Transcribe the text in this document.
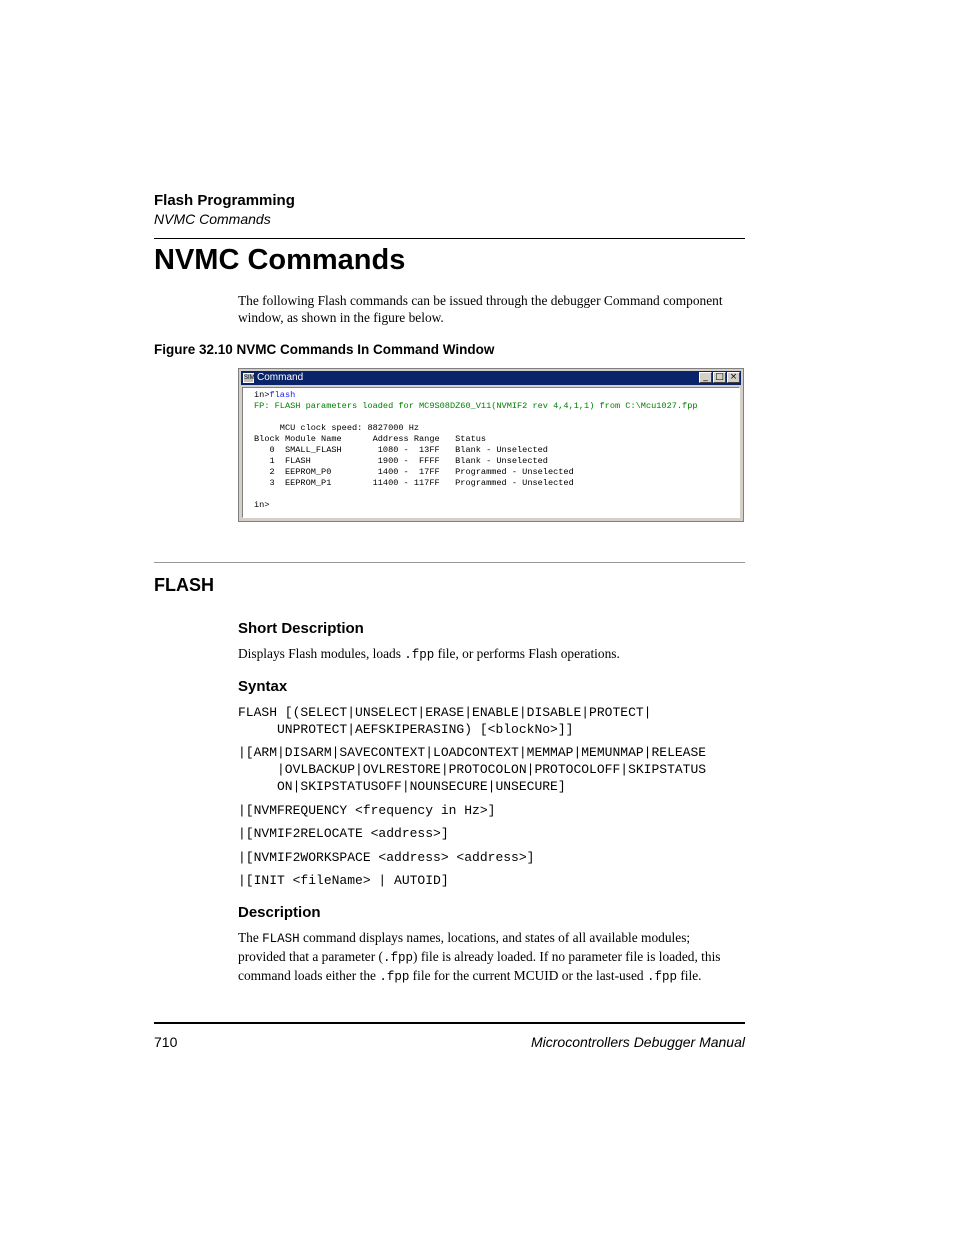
Flash Programming
NVMC Commands
NVMC Commands
The following Flash commands can be issued through the debugger Command component window, as shown in the figure below.
Figure 32.10 NVMC Commands In Command Window
SIM Command	_ □ ×
in>flash
FP: FLASH parameters loaded for MC9S08DZ60_V11(NVMIF2 rev 4,4,1,1) from C:\Mcu1027.fpp
MCU clock speed: 8827000 Hz
Block Module Name      Address Range   Status
0  SMALL_FLASH       1080 -  13FF   Blank - Unselected
1  FLASH             1900 -  FFFF   Blank - Unselected
2  EEPROM_P0         1400 -  17FF   Programmed - Unselected
3  EEPROM_P1        11400 - 117FF   Programmed - Unselected
in>
FLASH
Short Description
Displays Flash modules, loads .fpp file, or performs Flash operations.
Syntax
FLASH [(SELECT|UNSELECT|ERASE|ENABLE|DISABLE|PROTECT|
UNPROTECT|AEFSKIPERASING) [<blockNo>]]
|[ARM|DISARM|SAVECONTEXT|LOADCONTEXT|MEMMAP|MEMUNMAP|RELEASE
|OVLBACKUP|OVLRESTORE|PROTOCOLON|PROTOCOLOFF|SKIPSTATUS
ON|SKIPSTATUSOFF|NOUNSECURE|UNSECURE]
|[NVMFREQUENCY <frequency in Hz>]
|[NVMIF2RELOCATE <address>]
|[NVMIF2WORKSPACE <address> <address>]
|[INIT <fileName> | AUTOID]
Description
The FLASH command displays names, locations, and states of all available modules;
provided that a parameter (.fpp) file is already loaded. If no parameter file is loaded, this
command loads either the .fpp file for the current MCUID or the last-used .fpp file.
710	Microcontrollers Debugger Manual
